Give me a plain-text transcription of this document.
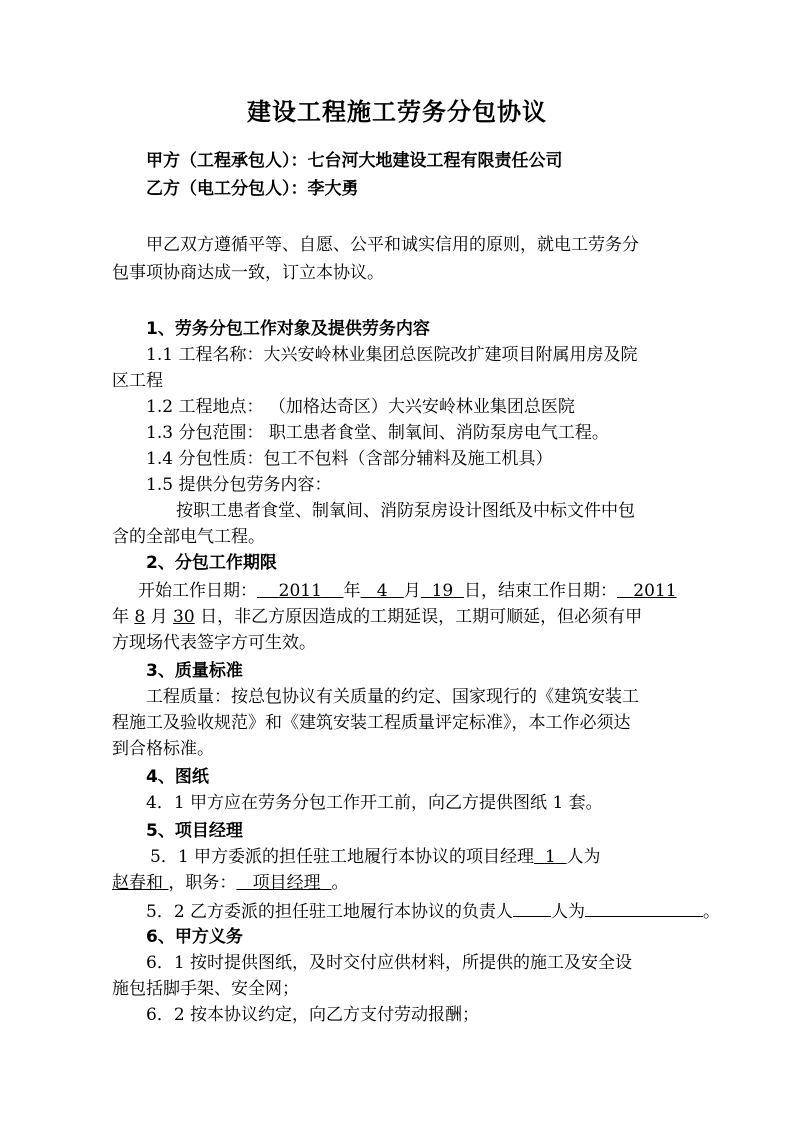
建设工程施工劳务分包协议
甲方（工程承包人）：七台河大地建设工程有限责任公司
乙方（电工分包人）：李大勇
甲乙双方遵循平等、自愿、公平和诚实信用的原则，就电工劳务分
包事项协商达成一致，订立本协议。
1、劳务分包工作对象及提供劳务内容
1.1 工程名称：大兴安岭林业集团总医院改扩建项目附属用房及院
区工程
1.2 工程地点： （加格达奇区）大兴安岭林业集团总医院
1.3 分包范围： 职工患者食堂、制氧间、消防泵房电气工程。
1.4 分包性质：包工不包料（含部分辅料及施工机具）
1.5 提供分包劳务内容：
按职工患者食堂、制氧间、消防泵房设计图纸及中标文件中包
含的全部电气工程。
2、分包工作期限
开始工作日期： 2011 年 4 月 19 日，结束工作日期： 2011
年 8 月 30 日，非乙方原因造成的工期延误，工期可顺延，但必须有甲
方现场代表签字方可生效。
3、质量标准
工程质量：按总包协议有关质量的约定、国家现行的《建筑安装工
程施工及验收规范》和《建筑安装工程质量评定标准》，本工作必须达
到合格标准。
4、图纸
4．1 甲方应在劳务分包工作开工前，向乙方提供图纸 1 套。
5、项目经理
5．1 甲方委派的担任驻工地履行本协议的项目经理 1 人为
赵春和 ，职务： 项目经理 。
5．2 乙方委派的担任驻工地履行本协议的负责人 人为	。
6、甲方义务
6．1 按时提供图纸，及时交付应供材料，所提供的施工及安全设
施包括脚手架、安全网；
6．2 按本协议约定，向乙方支付劳动报酬；
